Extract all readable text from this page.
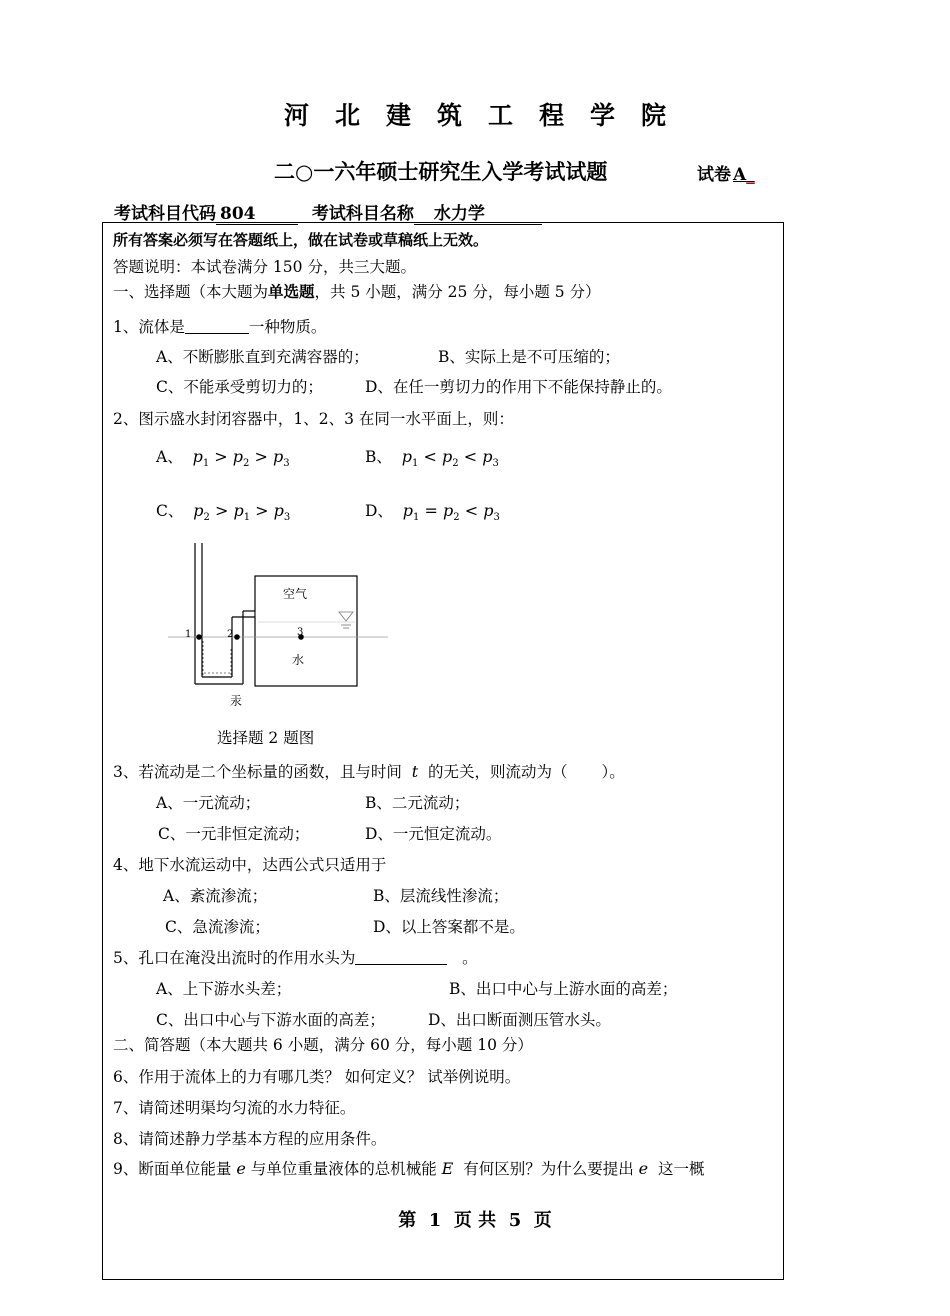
河北建筑工程学院
二○一六年硕士研究生入学考试试题	试卷 A_
考试科目代码 804	考试科目名称 水力学
所有答案必须写在答题纸上，做在试卷或草稿纸上无效。
答题说明：本试卷满分 150 分，共三大题。
一、选择题（本大题为单选题，共 5 小题，满分 25 分，每小题 5 分）
1、流体是	一种物质。
A、不断膨胀直到充满容器的；	B、实际上是不可压缩的；
C、不能承受剪切力的；	D、在任一剪切力的作用下不能保持静止的。
2、图示盛水封闭容器中，1、2、3 在同一水平面上，则：
A、 $p_1 > p_2 > p_3$	B、 $p_1 < p_2 < p_3$
C、 $p_2 > p_1 > p_3$	D、 $p_1 = p_2 < p_3$
1	2	3
空气
水
汞
选择题 2 题图
3、若流动是二个坐标量的函数，且与时间 t 的无关，则流动为（ ）。
A、一元流动；	B、二元流动；
C、一元非恒定流动；	D、一元恒定流动。
4、地下水流运动中，达西公式只适用于
A、紊流渗流；	B、层流线性渗流；
C、急流渗流；	D、以上答案都不是。
5、孔口在淹没出流时的作用水头为	。
A、上下游水头差；	B、出口中心与上游水面的高差；
C、出口中心与下游水面的高差；	D、出口断面测压管水头。
二、简答题（本大题共 6 小题，满分 60 分，每小题 10 分）
6、作用于流体上的力有哪几类？ 如何定义？ 试举例说明。
7、请简述明渠均匀流的水力特征。
8、请简述静力学基本方程的应用条件。
9、断面单位能量 e 与单位重量液体的总机械能 E 有何区别？为什么要提出 e 这一概
第 1 页 共 5 页
